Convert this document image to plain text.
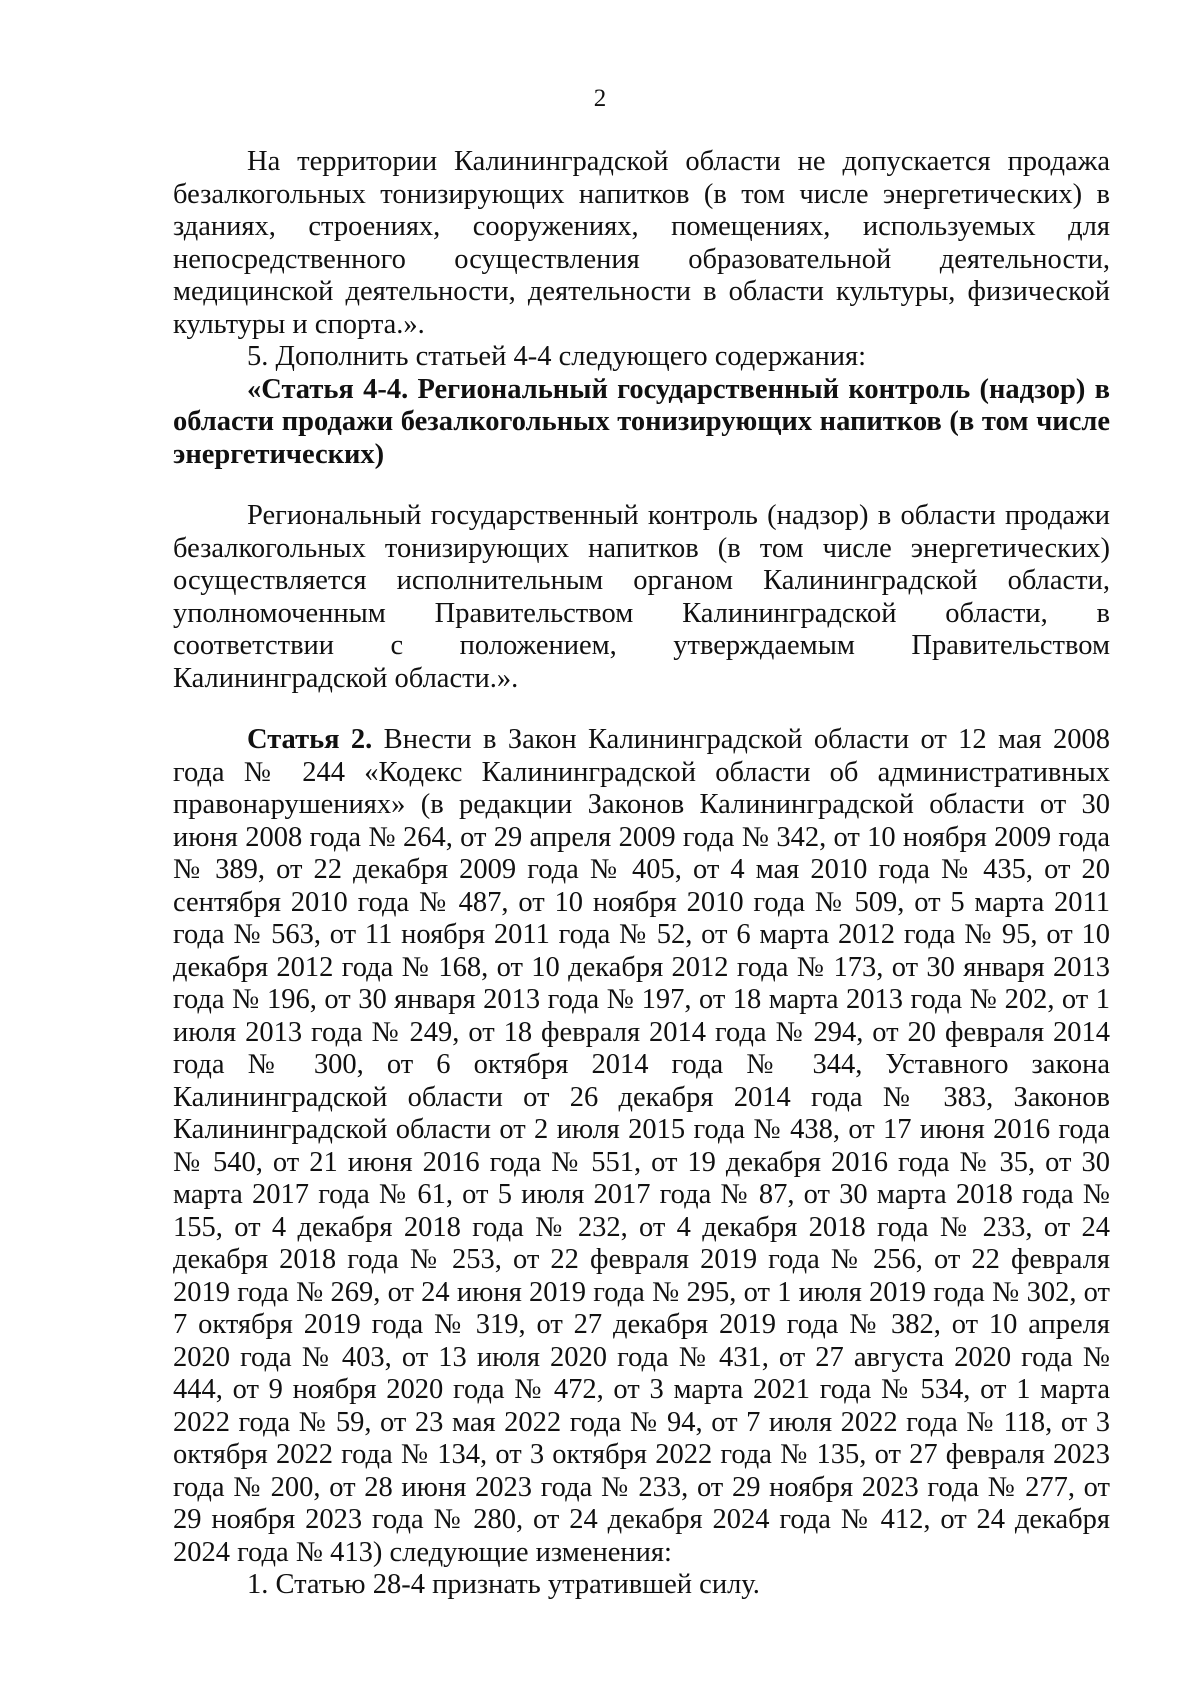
2

На территории Калининградской области не допускается продажа безалкогольных тонизирующих напитков (в том числе энергетических) в зданиях, строениях, сооружениях, помещениях, используемых для непосредственного осуществления образовательной деятельности, медицинской деятельности, деятельности в области культуры, физической культуры и спорта.».

5. Дополнить статьей 4-4 следующего содержания:

«Статья 4-4. Региональный государственный контроль (надзор) в области продажи безалкогольных тонизирующих напитков (в том числе энергетических)

Региональный государственный контроль (надзор) в области продажи безалкогольных тонизирующих напитков (в том числе энергетических) осуществляется исполнительным органом Калининградской области, уполномоченным Правительством Калининградской области, в соответствии с положением, утверждаемым Правительством Калининградской области.».

Статья 2. Внести в Закон Калининградской области от 12 мая 2008 года № 244 «Кодекс Калининградской области об административных правонарушениях» (в редакции Законов Калининградской области от 30 июня 2008 года № 264, от 29 апреля 2009 года № 342, от 10 ноября 2009 года № 389, от 22 декабря 2009 года № 405, от 4 мая 2010 года № 435, от 20 сентября 2010 года № 487, от 10 ноября 2010 года № 509, от 5 марта 2011 года № 563, от 11 ноября 2011 года № 52, от 6 марта 2012 года № 95, от 10 декабря 2012 года № 168, от 10 декабря 2012 года № 173, от 30 января 2013 года № 196, от 30 января 2013 года № 197, от 18 марта 2013 года № 202, от 1 июля 2013 года № 249, от 18 февраля 2014 года № 294, от 20 февраля 2014 года № 300, от 6 октября 2014 года № 344, Уставного закона Калининградской области от 26 декабря 2014 года № 383, Законов Калининградской области от 2 июля 2015 года № 438, от 17 июня 2016 года № 540, от 21 июня 2016 года № 551, от 19 декабря 2016 года № 35, от 30 марта 2017 года № 61, от 5 июля 2017 года № 87, от 30 марта 2018 года № 155, от 4 декабря 2018 года № 232, от 4 декабря 2018 года № 233, от 24 декабря 2018 года № 253, от 22 февраля 2019 года № 256, от 22 февраля 2019 года № 269, от 24 июня 2019 года № 295, от 1 июля 2019 года № 302, от 7 октября 2019 года № 319, от 27 декабря 2019 года № 382, от 10 апреля 2020 года № 403, от 13 июля 2020 года № 431, от 27 августа 2020 года № 444, от 9 ноября 2020 года № 472, от 3 марта 2021 года № 534, от 1 марта 2022 года № 59, от 23 мая 2022 года № 94, от 7 июля 2022 года № 118, от 3 октября 2022 года № 134, от 3 октября 2022 года № 135, от 27 февраля 2023 года № 200, от 28 июня 2023 года № 233, от 29 ноября 2023 года № 277, от 29 ноября 2023 года № 280, от 24 декабря 2024 года № 412, от 24 декабря 2024 года № 413) следующие изменения:

1. Статью 28-4 признать утратившей силу.
